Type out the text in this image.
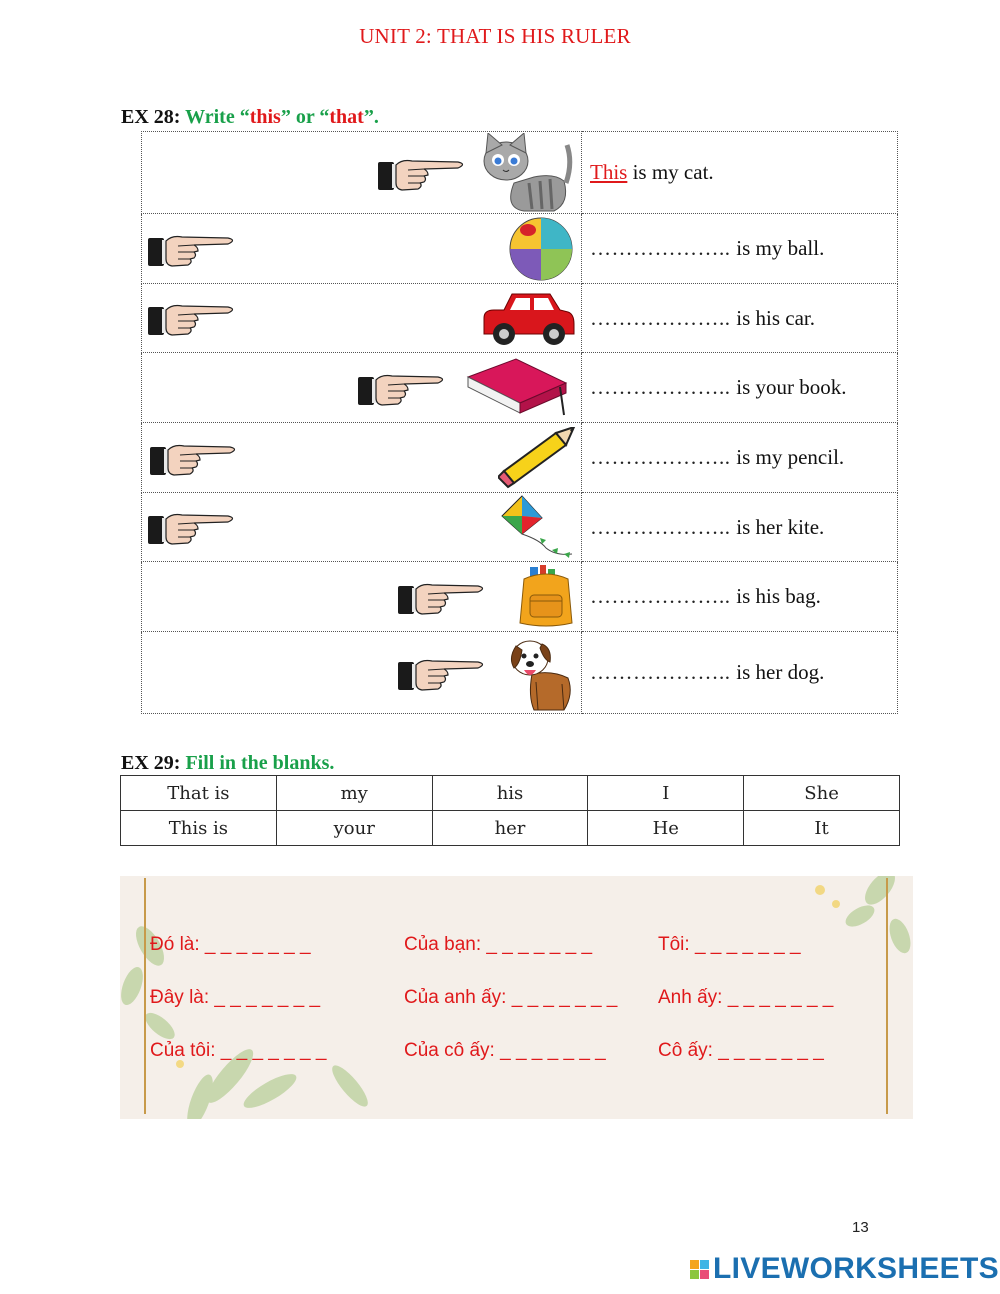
UNIT 2: THAT IS HIS RULER
EX 28: Write “this” or “that”.
	This is my cat.

	……………….. is my ball.

	……………….. is his car.

	……………….. is your book.

	……………….. is my pencil.

	……………….. is her kite.

	……………….. is his bag.

	……………….. is her dog.
EX 29: Fill in the blanks.
That is	my	his	I	She
This is	your	her	He	It
Đó là: _ _ _ _ _ _ _	Của bạn: _ _ _ _ _ _ _	Tôi: _ _ _ _ _ _ _
Đây là: _ _ _ _ _ _ _	Của anh ấy: _ _ _ _ _ _ _ Anh ấy: _ _ _ _ _ _ _
Của tôi: _ _ _ _ _ _ _	Của cô ấy: _ _ _ _ _ _ _	Cô ấy: _ _ _ _ _ _ _
13
LIVEWORKSHEETS
